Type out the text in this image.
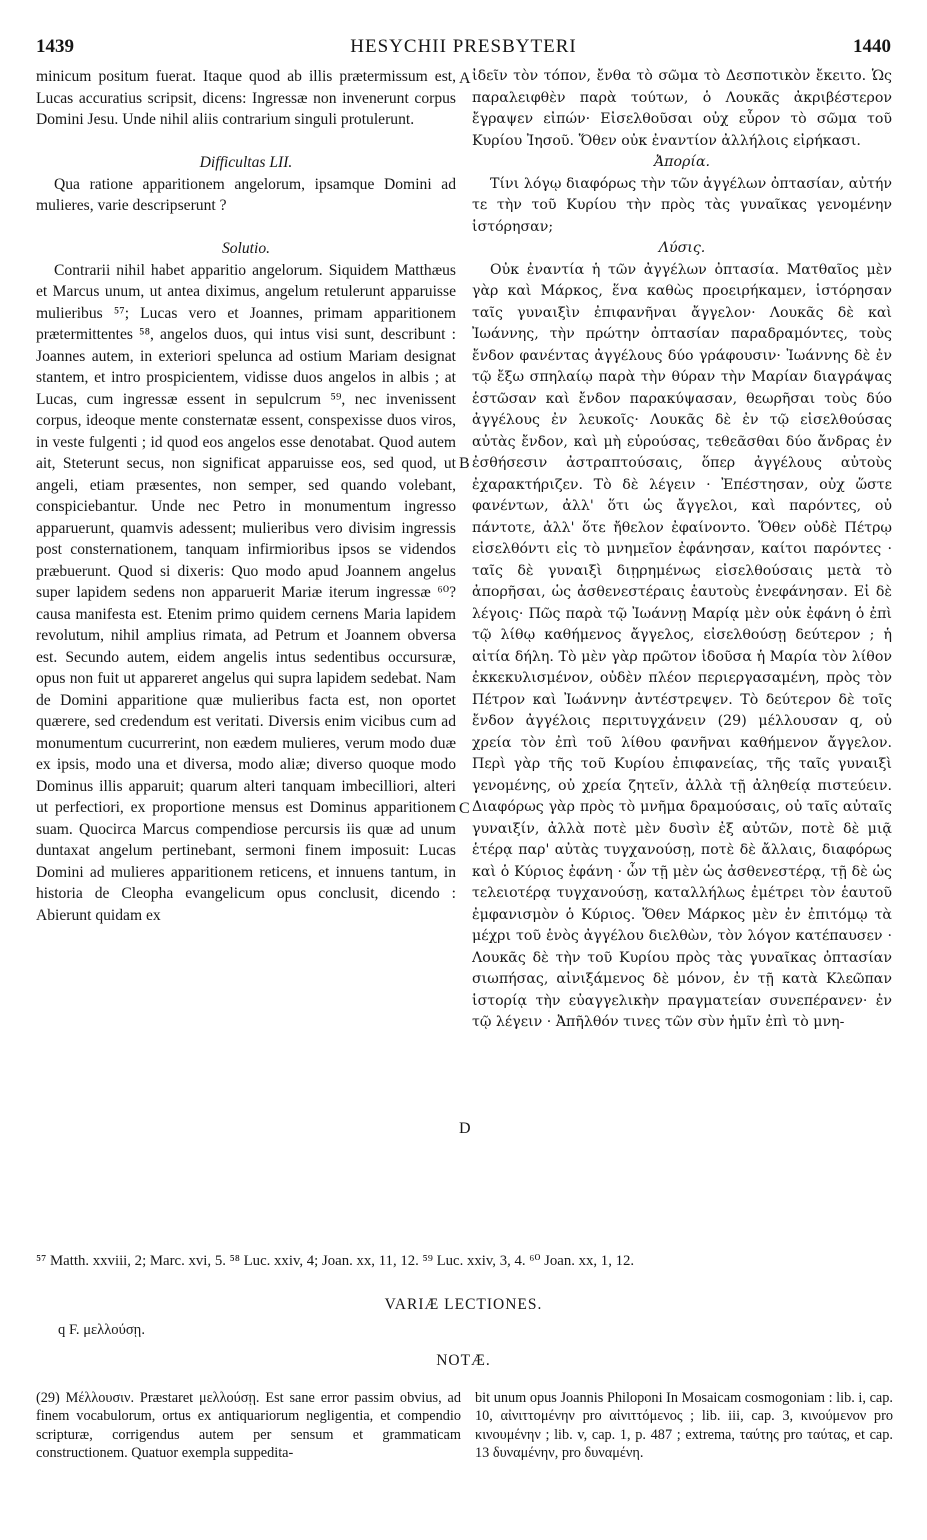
1439	HESYCHII PRESBYTERI	1440

minicum positum fuerat. Itaque quod ab illis prætermissum est, Lucas accuratius scripsit, dicens: Ingressæ non invenerunt corpus Domini Jesu. Unde nihil aliis contrarium singuli protulerunt.

Difficultas LII.

Qua ratione apparitionem angelorum, ipsamque Domini ad mulieres, varie descripserunt ?

Solutio.

Contrarii nihil habet apparitio angelorum. Siquidem Matthæus et Marcus unum, ut antea diximus, angelum retulerunt apparuisse mulieribus ⁵⁷; Lucas vero et Joannes, primam apparitionem prætermittentes ⁵⁸, angelos duos, qui intus visi sunt, describunt : Joannes autem, in exteriori spelunca ad ostium Mariam designat stantem, et intro prospicientem, vidisse duos angelos in albis ; at Lucas, cum ingressæ essent in sepulcrum ⁵⁹, nec invenissent corpus, ideoque mente consternatæ essent, conspexisse duos viros, in veste fulgenti ; id quod eos angelos esse denotabat. Quod autem ait, Steterunt secus, non significat apparuisse eos, sed quod, ut angeli, etiam præsentes, non semper, sed quando volebant, conspiciebantur. Unde nec Petro in monumentum ingresso apparuerunt, quamvis adessent; mulieribus vero divisim ingressis post consternationem, tanquam infirmioribus ipsos se videndos præbuerunt. Quod si dixeris: Quo modo apud Joannem angelus super lapidem sedens non apparuerit Mariæ iterum ingressæ ⁶⁰? causa manifesta est. Etenim primo quidem cernens Maria lapidem revolutum, nihil amplius rimata, ad Petrum et Joannem obversa est. Secundo autem, eidem angelis intus sedentibus occursuræ, opus non fuit ut appareret angelus qui supra lapidem sedebat. Nam de Domini apparitione quæ mulieribus facta est, non oportet quærere, sed credendum est veritati. Diversis enim vicibus cum ad monumentum cucurrerint, non eædem mulieres, verum modo duæ ex ipsis, modo una et diversa, modo aliæ; diverso quoque modo Dominus illis apparuit; quarum alteri tanquam imbecilliori, alteri ut perfectiori, ex proportione mensus est Dominus apparitionem suam. Quocirca Marcus compendiose percursis iis quæ ad unum duntaxat angelum pertinebant, sermoni finem imposuit: Lucas Domini ad mulieres apparitionem reticens, et innuens tantum, in historia de Cleopha evangelicum opus conclusit, dicendo : Abierunt quidam ex

A
B
C
D

ἰδεῖν τὸν τόπον, ἔνθα τὸ σῶμα τὸ Δεσποτικὸν ἔκειτο. Ὡς παραλειφθὲν παρὰ τούτων, ὁ Λουκᾶς ἀκριβέστερον ἔγραψεν εἰπών· Εἰσελθοῦσαι οὐχ εὗρον τὸ σῶμα τοῦ Κυρίου Ἰησοῦ. Ὅθεν οὐκ ἐναντίον ἀλλήλοις εἰρήκασι.

Ἀπορία.

Τίνι λόγῳ διαφόρως τὴν τῶν ἀγγέλων ὀπτασίαν, αὐτήν τε τὴν τοῦ Κυρίου τὴν πρὸς τὰς γυναῖκας γενομένην ἱστόρησαν;

Λύσις.

Οὐκ ἐναντία ἡ τῶν ἀγγέλων ὀπτασία. Ματθαῖος μὲν γὰρ καὶ Μάρκος, ἕνα καθὼς προειρήκαμεν, ἱστόρησαν ταῖς γυναιξὶν ἐπιφανῆναι ἄγγελον· Λουκᾶς δὲ καὶ Ἰωάννης, τὴν πρώτην ὀπτασίαν παραδραμόντες, τοὺς ἔνδον φανέντας ἀγγέλους δύο γράφουσιν· Ἰωάννης δὲ ἐν τῷ ἔξω σπηλαίῳ παρὰ τὴν θύραν τὴν Μαρίαν διαγράψας ἑστῶσαν καὶ ἔνδον παρακύψασαν, θεωρῆσαι τοὺς δύο ἀγγέλους ἐν λευκοῖς· Λουκᾶς δὲ ἐν τῷ εἰσελθούσας αὐτὰς ἔνδον, καὶ μὴ εὑρούσας, τεθεᾶσθαι δύο ἄνδρας ἐν ἐσθήσεσιν ἀστραπτούσαις, ὅπερ ἀγγέλους αὐτοὺς ἐχαρακτήριζεν. Τὸ δὲ λέγειν · Ἐπέστησαν, οὐχ ὥστε φανέντων, ἀλλ' ὅτι ὡς ἄγγελοι, καὶ παρόντες, οὐ πάντοτε, ἀλλ' ὅτε ἤθελον ἐφαίνοντο. Ὅθεν οὐδὲ Πέτρῳ εἰσελθόντι εἰς τὸ μνημεῖον ἐφάνησαν, καίτοι παρόντες · ταῖς δὲ γυναιξὶ διῃρημένως εἰσελθούσαις μετὰ τὸ ἀπορῆσαι, ὡς ἀσθενεστέραις ἑαυτοὺς ἐνεφάνησαν. Εἰ δὲ λέγοις· Πῶς παρὰ τῷ Ἰωάννῃ Μαρίᾳ μὲν οὐκ ἐφάνη ὁ ἐπὶ τῷ λίθῳ καθήμενος ἄγγελος, εἰσελθούσῃ δεύτερον ; ἡ αἰτία δήλη. Τὸ μὲν γὰρ πρῶτον ἰδοῦσα ἡ Μαρία τὸν λίθον ἐκκεκυλισμένον, οὐδὲν πλέον περιεργασαμένη, πρὸς τὸν Πέτρον καὶ Ἰωάννην ἀντέστρεψεν. Τὸ δεύτερον δὲ τοῖς ἔνδον ἀγγέλοις περιτυγχάνειν (29) μέλλουσαν q, οὐ χρεία τὸν ἐπὶ τοῦ λίθου φανῆναι καθήμενον ἄγγελον. Περὶ γὰρ τῆς τοῦ Κυρίου ἐπιφανείας, τῆς ταῖς γυναιξὶ γενομένης, οὐ χρεία ζητεῖν, ἀλλὰ τῇ ἀληθείᾳ πιστεύειν. Διαφόρως γὰρ πρὸς τὸ μνῆμα δραμούσαις, οὐ ταῖς αὐταῖς γυναιξίν, ἀλλὰ ποτὲ μὲν δυσὶν ἐξ αὐτῶν, ποτὲ δὲ μιᾷ ἑτέρᾳ παρ' αὐτὰς τυγχανούσῃ, ποτὲ δὲ ἄλλαις, διαφόρως καὶ ὁ Κύριος ἐφάνη · ὧν τῇ μὲν ὡς ἀσθενεστέρᾳ, τῇ δὲ ὡς τελειοτέρᾳ τυγχανούσῃ, καταλλήλως ἐμέτρει τὸν ἑαυτοῦ ἐμφανισμὸν ὁ Κύριος. Ὅθεν Μάρκος μὲν ἐν ἐπιτόμῳ τὰ μέχρι τοῦ ἑνὸς ἀγγέλου διελθὼν, τὸν λόγον κατέπαυσεν · Λουκᾶς δὲ τὴν τοῦ Κυρίου πρὸς τὰς γυναῖκας ὀπτασίαν σιωπήσας, αἰνιξάμενος δὲ μόνον, ἐν τῇ κατὰ Κλεῶπαν ἱστορίᾳ τὴν εὐαγγελικὴν πραγματείαν συνεπέρανεν· ἐν τῷ λέγειν · Ἀπῆλθόν τινες τῶν σὺν ἡμῖν ἐπὶ τὸ μνη-

⁵⁷ Matth. xxviii, 2; Marc. xvi, 5. ⁵⁸ Luc. xxiv, 4; Joan. xx, 11, 12. ⁵⁹ Luc. xxiv, 3, 4. ⁶⁰ Joan. xx, 1, 12.
VARIÆ LECTIONES.
q F. μελλούσῃ.
NOTÆ.
(29) Μέλλουσιν. Præstaret μελλούσῃ. Est sane error passim obvius, ad finem vocabulorum, ortus ex antiquariorum negligentia, et compendio scripturæ, corrigendus autem per sensum et grammaticam constructionem. Quatuor exempla suppedita-
bit unum opus Joannis Philoponi In Mosaicam cosmogoniam : lib. i, cap. 10, αἰνιττομένην pro αἰνιττόμενος ; lib. iii, cap. 3, κινούμενον pro κινουμένην ; lib. v, cap. 1, p. 487 ; extrema, ταύτης pro ταύτας, et cap. 13 δυναμένην, pro δυναμένη.
